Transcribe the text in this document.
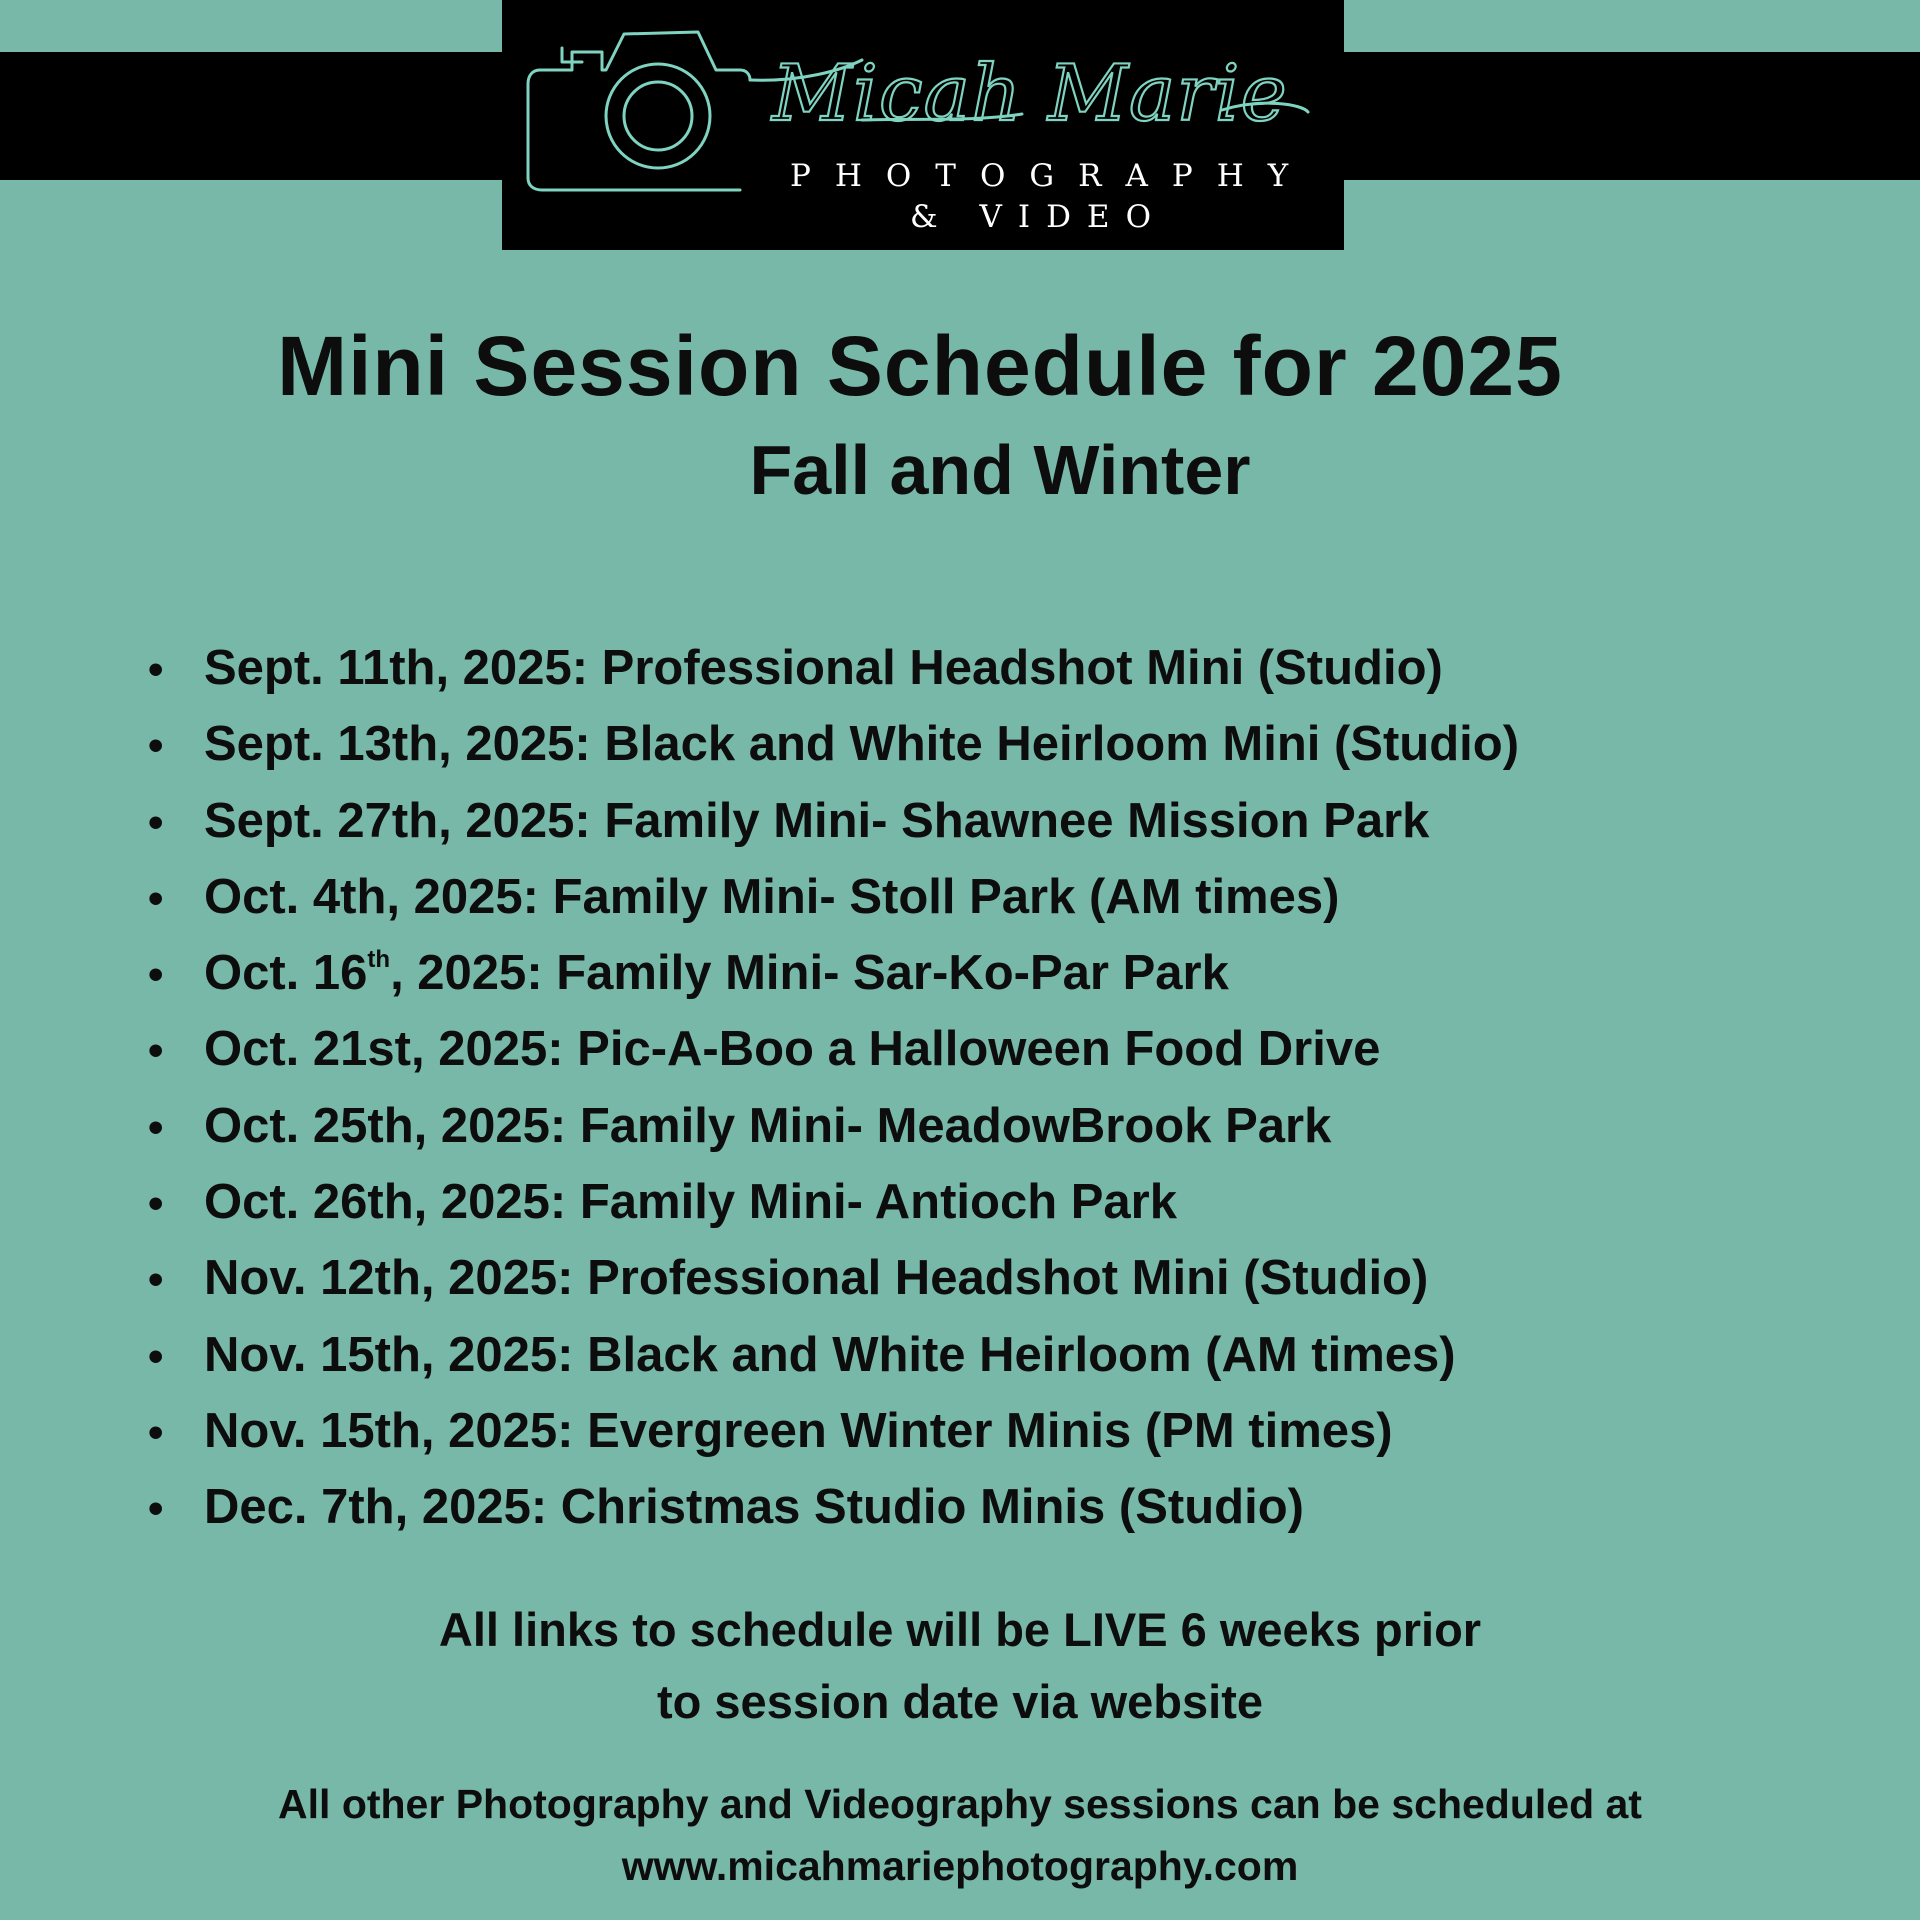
Micah Marie
PHOTOGRAPHY
& VIDEO
Mini Session Schedule for 2025
Fall and Winter
• Sept. 11th, 2025: Professional Headshot Mini (Studio)
• Sept. 13th, 2025: Black and White Heirloom Mini (Studio)
• Sept. 27th, 2025: Family Mini- Shawnee Mission Park
• Oct. 4th, 2025: Family Mini- Stoll Park (AM times)
• Oct. 16th, 2025: Family Mini- Sar-Ko-Par Park
• Oct. 21st, 2025: Pic-A-Boo a Halloween Food Drive
• Oct. 25th, 2025: Family Mini- MeadowBrook Park
• Oct. 26th, 2025: Family Mini- Antioch Park
• Nov. 12th, 2025: Professional Headshot Mini (Studio)
• Nov. 15th, 2025: Black and White Heirloom (AM times)
• Nov. 15th, 2025: Evergreen Winter Minis (PM times)
• Dec. 7th, 2025: Christmas Studio Minis (Studio)
All links to schedule will be LIVE 6 weeks prior
to session date via website
All other Photography and Videography sessions can be scheduled at
www.micahmariephotography.com
